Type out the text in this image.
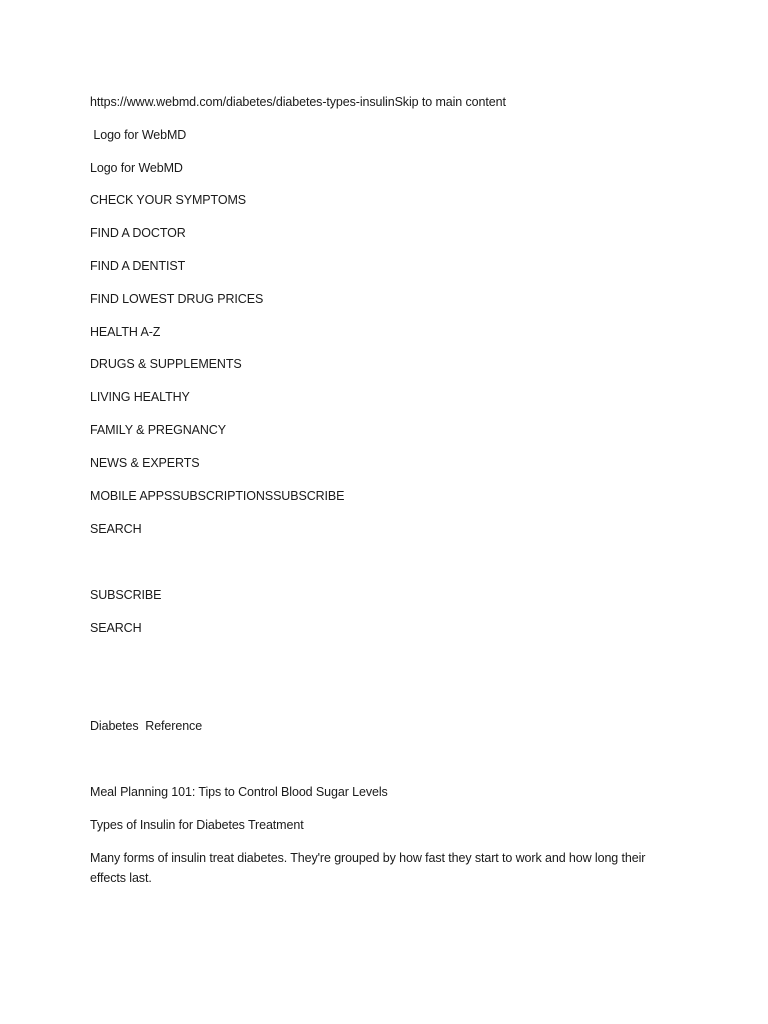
https://www.webmd.com/diabetes/diabetes-types-insulinSkip to main content
Logo for WebMD
Logo for WebMD
CHECK YOUR SYMPTOMS
FIND A DOCTOR
FIND A DENTIST
FIND LOWEST DRUG PRICES
HEALTH A-Z
DRUGS & SUPPLEMENTS
LIVING HEALTHY
FAMILY & PREGNANCY
NEWS & EXPERTS
MOBILE APPSSUBSCRIPTIONSSUBSCRIBE
SEARCH
SUBSCRIBE
SEARCH
Diabetes  Reference
Meal Planning 101: Tips to Control Blood Sugar Levels
Types of Insulin for Diabetes Treatment
Many forms of insulin treat diabetes. They're grouped by how fast they start to work and how long their effects last.
